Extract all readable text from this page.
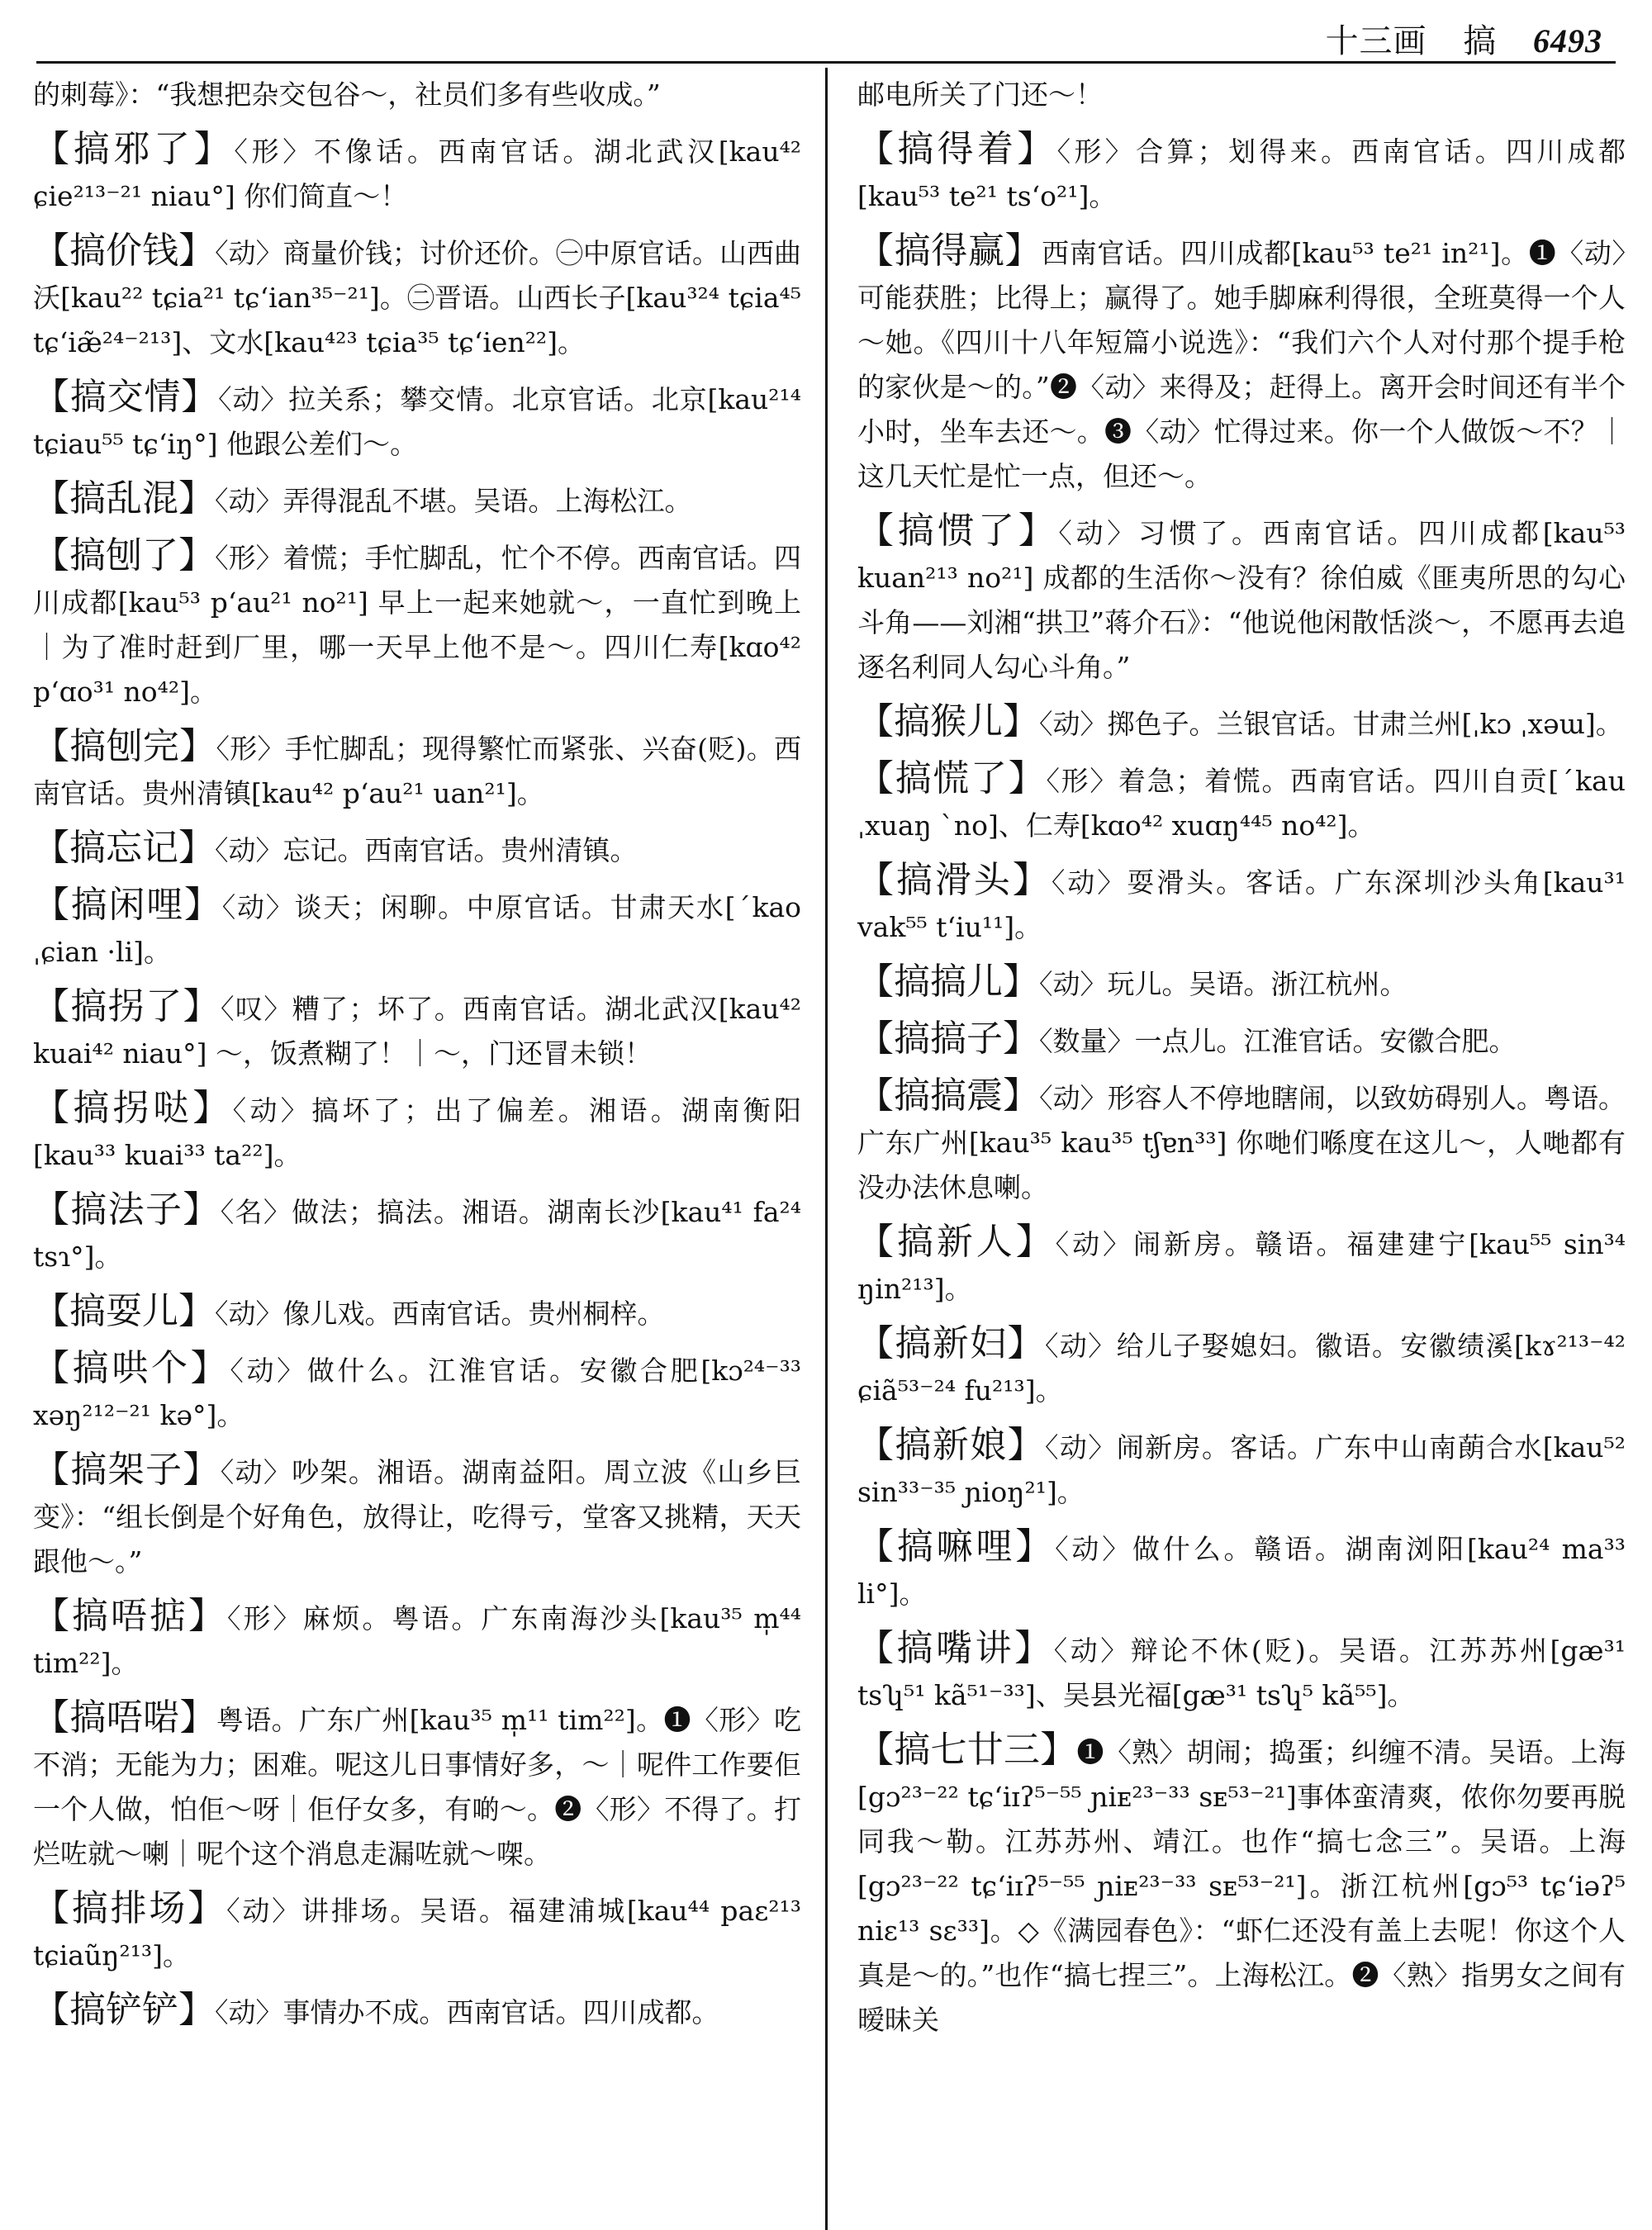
十三画 搞 6493
的刺莓》：“我想把杂交包谷～，社员们多有些收成。”
【搞邪了】〈形〉不像话。西南官话。湖北武汉[kau⁴² ɕie²¹³⁻²¹ niau°] 你们简直～！
【搞价钱】〈动〉商量价钱；讨价还价。㊀中原官话。山西曲沃[kau²² tɕia²¹ tɕ‘ian³⁵⁻²¹]。㊁晋语。山西长子[kau³²⁴ tɕia⁴⁵ tɕ‘iæ̃²⁴⁻²¹³]、文水[kau⁴²³ tɕia³⁵ tɕ‘ien²²]。
【搞交情】〈动〉拉关系；攀交情。北京官话。北京[kau²¹⁴ tɕiau⁵⁵ tɕ‘iŋ°] 他跟公差们～。
【搞乱混】〈动〉弄得混乱不堪。吴语。上海松江。
【搞刨了】〈形〉着慌；手忙脚乱，忙个不停。西南官话。四川成都[kau⁵³ p‘au²¹ no²¹] 早上一起来她就～，一直忙到晚上｜为了准时赶到厂里，哪一天早上他不是～。四川仁寿[kɑo⁴² p‘ɑo³¹ no⁴²]。
【搞刨完】〈形〉手忙脚乱；现得繁忙而紧张、兴奋(贬)。西南官话。贵州清镇[kau⁴² p‘au²¹ uan²¹]。
【搞忘记】〈动〉忘记。西南官话。贵州清镇。
【搞闲哩】〈动〉谈天；闲聊。中原官话。甘肃天水[ˊkao ˌɕian ·li]。
【搞拐了】〈叹〉糟了；坏了。西南官话。湖北武汉[kau⁴² kuai⁴² niau°] ～，饭煮糊了！｜～，门还冒未锁！
【搞拐哒】〈动〉搞坏了；出了偏差。湘语。湖南衡阳[kau³³ kuai³³ ta²²]。
【搞法子】〈名〉做法；搞法。湘语。湖南长沙[kau⁴¹ fa²⁴ tsɿ°]。
【搞耍儿】〈动〉像儿戏。西南官话。贵州桐梓。
【搞哄个】〈动〉做什么。江淮官话。安徽合肥[kɔ²⁴⁻³³ xəŋ²¹²⁻²¹ kə°]。
【搞架子】〈动〉吵架。湘语。湖南益阳。周立波《山乡巨变》：“组长倒是个好角色，放得让，吃得亏，堂客又挑精，天天跟他～。”
【搞唔掂】〈形〉麻烦。粤语。广东南海沙头[kau³⁵ m̩⁴⁴ tim²²]。
【搞唔啱】粤语。广东广州[kau³⁵ m̩¹¹ tim²²]。❶〈形〉吃不消；无能为力；困难。呢这儿日事情好多，～｜呢件工作要佢一个人做，怕佢～呀｜佢仔女多，有啲～。❷〈形〉不得了。打烂咗就～喇｜呢个这个消息走漏咗就～㗎。
【搞排场】〈动〉讲排场。吴语。福建浦城[kau⁴⁴ paɛ²¹³ tɕiaũŋ²¹³]。
【搞铲铲】〈动〉事情办不成。西南官话。四川成都。
邮电所关了门还～！
【搞得着】〈形〉合算；划得来。西南官话。四川成都[kau⁵³ te²¹ ts‘o²¹]。
【搞得赢】西南官话。四川成都[kau⁵³ te²¹ in²¹]。❶〈动〉可能获胜；比得上；赢得了。她手脚麻利得很，全班莫得一个人～她。《四川十八年短篇小说选》：“我们六个人对付那个提手枪的家伙是～的。”❷〈动〉来得及；赶得上。离开会时间还有半个小时，坐车去还～。❸〈动〉忙得过来。你一个人做饭～不？｜这几天忙是忙一点，但还～。
【搞惯了】〈动〉习惯了。西南官话。四川成都[kau⁵³ kuan²¹³ no²¹] 成都的生活你～没有？徐伯威《匪夷所思的勾心斗角——刘湘“拱卫”蒋介石》：“他说他闲散恬淡～，不愿再去追逐名利同人勾心斗角。”
【搞猴儿】〈动〉掷色子。兰银官话。甘肃兰州[ˌkɔ ˌxəɯ]。
【搞慌了】〈形〉着急；着慌。西南官话。四川自贡[ˊkau ˌxuaŋ ˋno]、仁寿[kɑo⁴² xuɑŋ⁴⁴⁵ no⁴²]。
【搞滑头】〈动〉耍滑头。客话。广东深圳沙头角[kau³¹ vak⁵⁵ t‘iu¹¹]。
【搞搞儿】〈动〉玩儿。吴语。浙江杭州。
【搞搞子】〈数量〉一点儿。江淮官话。安徽合肥。
【搞搞震】〈动〉形容人不停地瞎闹，以致妨碍别人。粤语。广东广州[kau³⁵ kau³⁵ tʃɐn³³] 你哋们喺度在这儿～，人哋都有没办法休息喇。
【搞新人】〈动〉闹新房。赣语。福建建宁[kau⁵⁵ sin³⁴ ŋin²¹³]。
【搞新妇】〈动〉给儿子娶媳妇。徽语。安徽绩溪[kɤ²¹³⁻⁴² ɕiã⁵³⁻²⁴ fu²¹³]。
【搞新娘】〈动〉闹新房。客话。广东中山南蓢合水[kau⁵² sin³³⁻³⁵ ɲioŋ²¹]。
【搞嘛哩】〈动〉做什么。赣语。湖南浏阳[kau²⁴ ma³³ li°]。
【搞嘴讲】〈动〉辩论不休(贬)。吴语。江苏苏州[gæ³¹ tsʮ⁵¹ kã⁵¹⁻³³]、吴县光福[gæ³¹ tsʮ⁵ kã⁵⁵]。
【搞七廿三】❶〈熟〉胡闹；捣蛋；纠缠不清。吴语。上海[gɔ²³⁻²² tɕ‘iɪʔ⁵⁻⁵⁵ ɲiᴇ²³⁻³³ sᴇ⁵³⁻²¹]事体蛮清爽，侬你勿要再脱同我～勒。江苏苏州、靖江。也作“搞七念三”。吴语。上海[gɔ²³⁻²² tɕ‘iɪʔ⁵⁻⁵⁵ ɲiᴇ²³⁻³³ sᴇ⁵³⁻²¹]。浙江杭州[gɔ⁵³ tɕ‘iəʔ⁵ niɛ¹³ sɛ³³]。◇《满园春色》：“虾仁还没有盖上去呢！你这个人真是～的。”也作“搞七捏三”。上海松江。❷〈熟〉指男女之间有暧昧关
